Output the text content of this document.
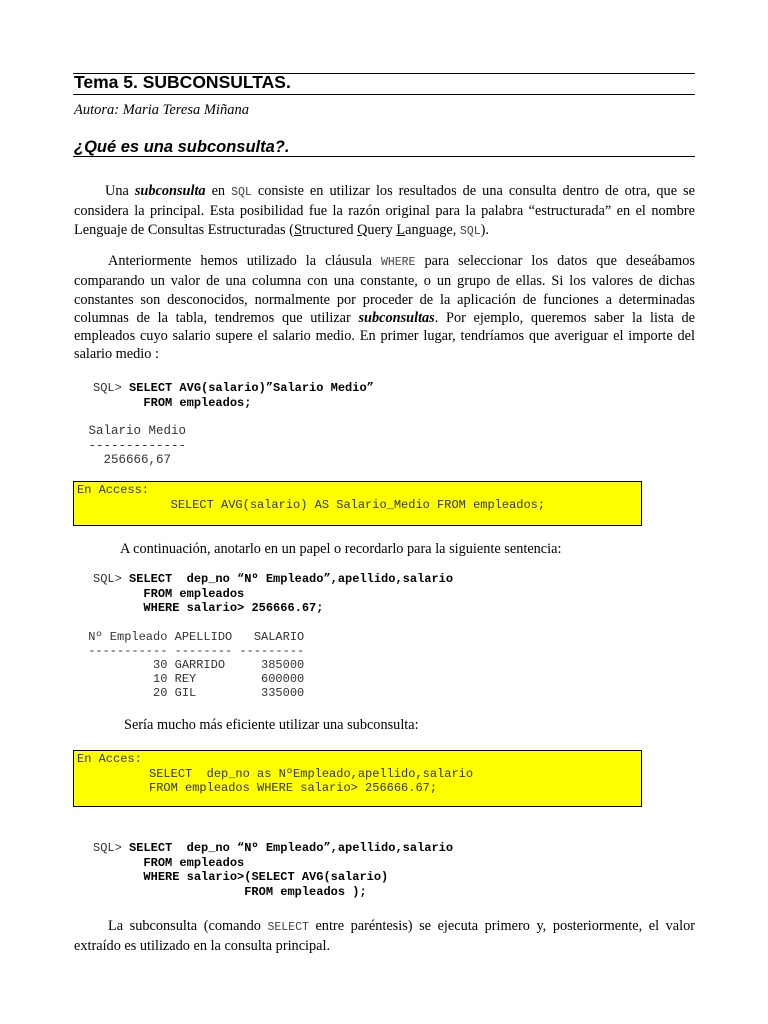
Tema 5. SUBCONSULTAS.
Autora: Maria Teresa Miñana
¿Qué es una subconsulta?.
Una subconsulta en SQL consiste en utilizar los resultados de una consulta dentro de otra, que se considera la principal. Esta posibilidad fue la razón original para la palabra “estructurada” en el nombre Lenguaje de Consultas Estructuradas (Structured Query Language, SQL).
Anteriormente hemos utilizado la cláusula WHERE para seleccionar los datos que deseábamos comparando un valor de una columna con una constante, o un grupo de ellas. Si los valores de dichas constantes son desconocidos, normalmente por proceder de la aplicación de funciones a determinadas columnas de la tabla, tendremos que utilizar subconsultas. Por ejemplo, queremos saber la lista de empleados cuyo salario supere el salario medio. En primer lugar, tendríamos que averiguar el importe del salario medio :
SQL> SELECT AVG(salario)”Salario Medio”
FROM empleados;
Salario Medio
-------------
256666,67
En Access:
SELECT AVG(salario) AS Salario_Medio FROM empleados;
A continuación, anotarlo en un papel o recordarlo para la siguiente sentencia:
SQL> SELECT  dep_no “Nº Empleado”,apellido,salario
FROM empleados
WHERE salario> 256666.67;
Nº Empleado APELLIDO   SALARIO
----------- -------- ---------
30 GARRIDO     385000
10 REY         600000
20 GIL         335000
Sería mucho más eficiente utilizar una subconsulta:
En Acces:
SELECT  dep_no as NºEmpleado,apellido,salario
FROM empleados WHERE salario> 256666.67;
SQL> SELECT  dep_no “Nº Empleado”,apellido,salario
FROM empleados
WHERE salario>(SELECT AVG(salario)
FROM empleados );
La subconsulta (comando SELECT entre paréntesis) se ejecuta primero y, posteriormente, el valor extraído es utilizado en la consulta principal.
